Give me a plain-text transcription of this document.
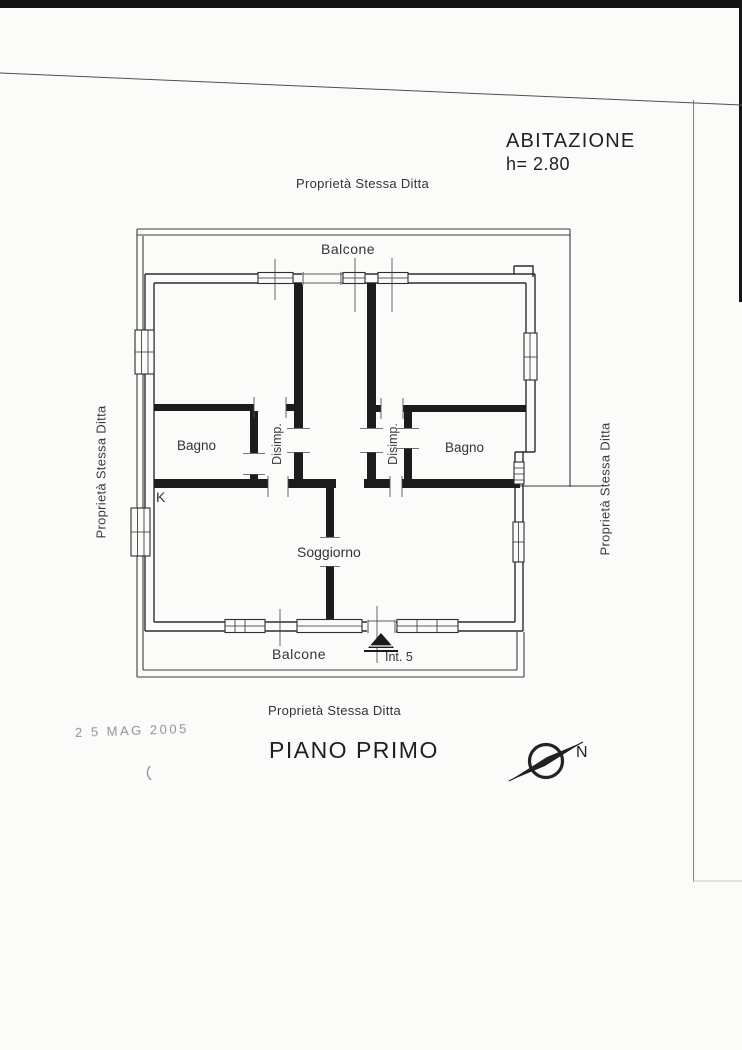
ABITAZIONE
h= 2.80
Proprietà Stessa Ditta
Proprietà Stessa Ditta	Proprietà Stessa Ditta
Proprietà Stessa Ditta
Balcone
Balcone
Bagno	Disimp.	Disimp.	Bagno
K
Soggiorno
Int. 5
2 5 MAG 2005
PIANO PRIMO	N
